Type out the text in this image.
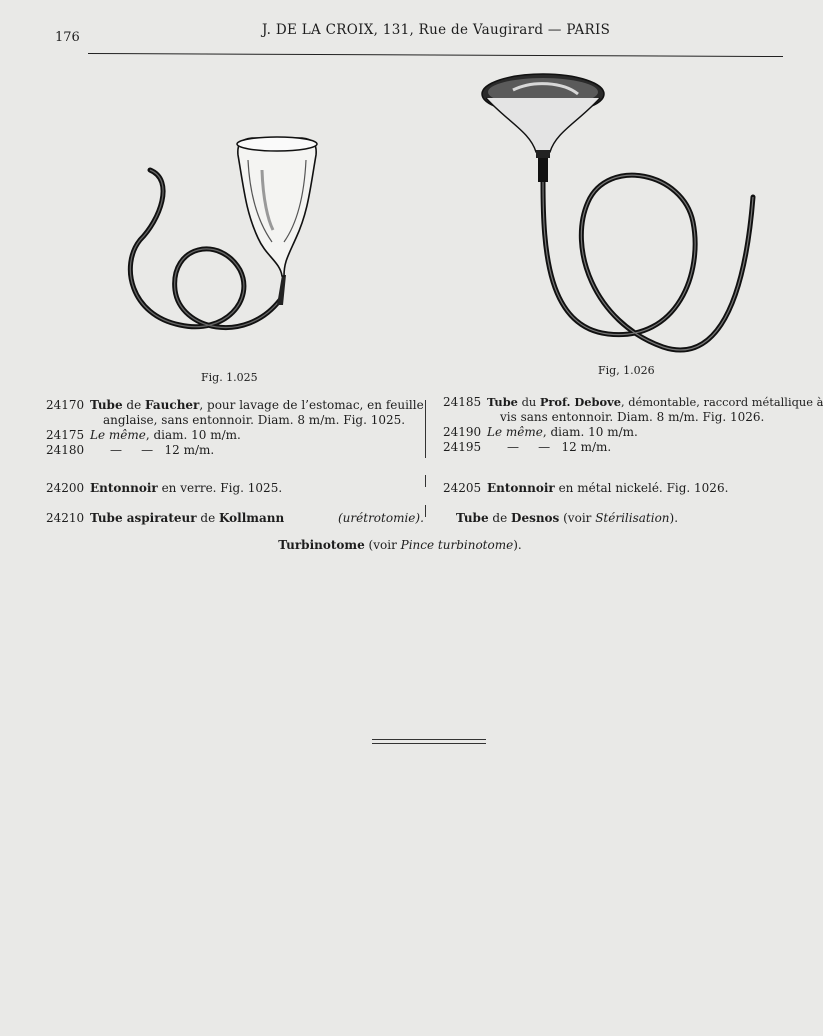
176	J. DE LA CROIX, 131, Rue de Vaugirard — PARIS
Fig. 1.025
Fig, 1.026
24170 Tube de Faucher, pour lavage de l’estomac, en feuille
anglaise, sans entonnoir. Diam. 8 m/m. Fig. 1025.
24175 Le même, diam. 10 m/m.
24180	—     —   12 m/m.
24200 Entonnoir en verre. Fig. 1025.
24210 Tube aspirateur de Kollmann	(urétrotomie).
24185 Tube du Prof. Debove, démontable, raccord métallique à
vis sans entonnoir. Diam. 8 m/m. Fig. 1026.
24190 Le même, diam. 10 m/m.
24195	—     —   12 m/m.
24205 Entonnoir en métal nickelé. Fig. 1026.
Tube de Desnos (voir Stérilisation).
Turbinotome (voir Pince turbinotome).
